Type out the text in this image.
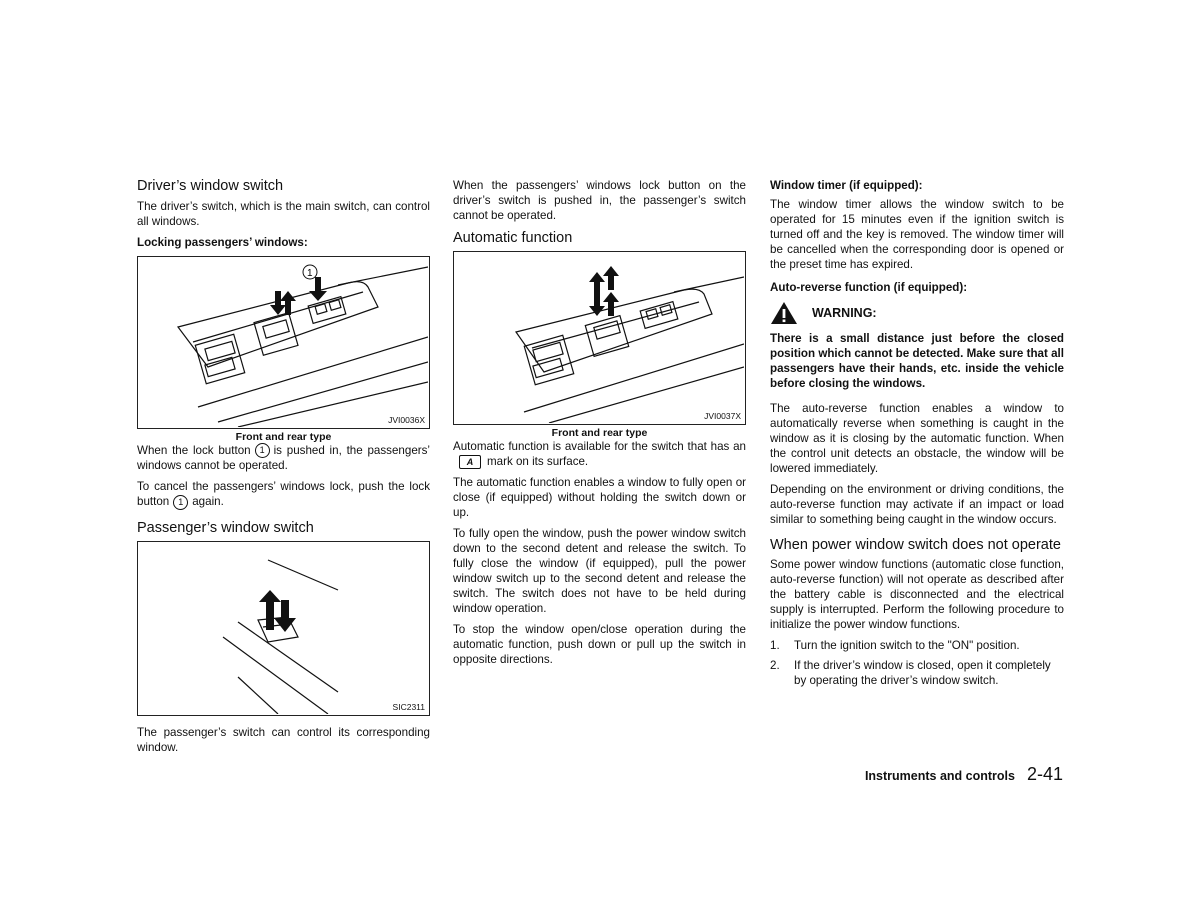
Driver’s window switch

The driver’s switch, which is the main switch, can control all windows.

Locking passengers’ windows:
1
JVI0036X
Front and rear type

When the lock button 1 is pushed in, the passengers’ windows cannot be operated.

To cancel the passengers’ windows lock, push the lock button 1 again.

Passenger’s window switch
SIC2311

The passenger’s switch can control its corresponding window.

When the passengers’ windows lock button on the driver’s switch is pushed in, the passenger’s switch cannot be operated.

Automatic function
JVI0037X
Front and rear type

Automatic function is available for the switch that has anA mark on its surface.

The automatic function enables a window to fully open or close (if equipped) without holding the switch down or up.

To fully open the window, push the power window switch down to the second detent and release the switch. To fully close the window (if equipped), pull the power window switch up to the second detent and release the switch. The switch does not have to be held during window operation.

To stop the window open/close operation during the automatic function, push down or pull up the switch in opposite directions.

Window timer (if equipped):

The window timer allows the window switch to be operated for 15 minutes even if the ignition switch is turned off and the key is removed. The window timer will be cancelled when the corresponding door is opened or the preset time has expired.

Auto-reverse function (if equipped):
WARNING:
There is a small distance just before the closed position which cannot be detected. Make sure that all passengers have their hands, etc. inside the vehicle before closing the windows.

The auto-reverse function enables a window to automatically reverse when something is caught in the window as it is closing by the automatic function. When the control unit detects an obstacle, the window will be lowered immediately.

Depending on the environment or driving conditions, the auto-reverse function may activate if an impact or load similar to something being caught in the window occurs.

When power window switch does not operate

Some power window functions (automatic close function, auto-reverse function) will not operate as described after the battery cable is disconnected and the electrical supply is interrupted. Perform the following procedure to initialize the power window functions.

1.	Turn the ignition switch to the "ON" position.
2.	If the driver’s window is closed, open it completely by operating the driver’s window switch.
Instruments and controls 2-41
